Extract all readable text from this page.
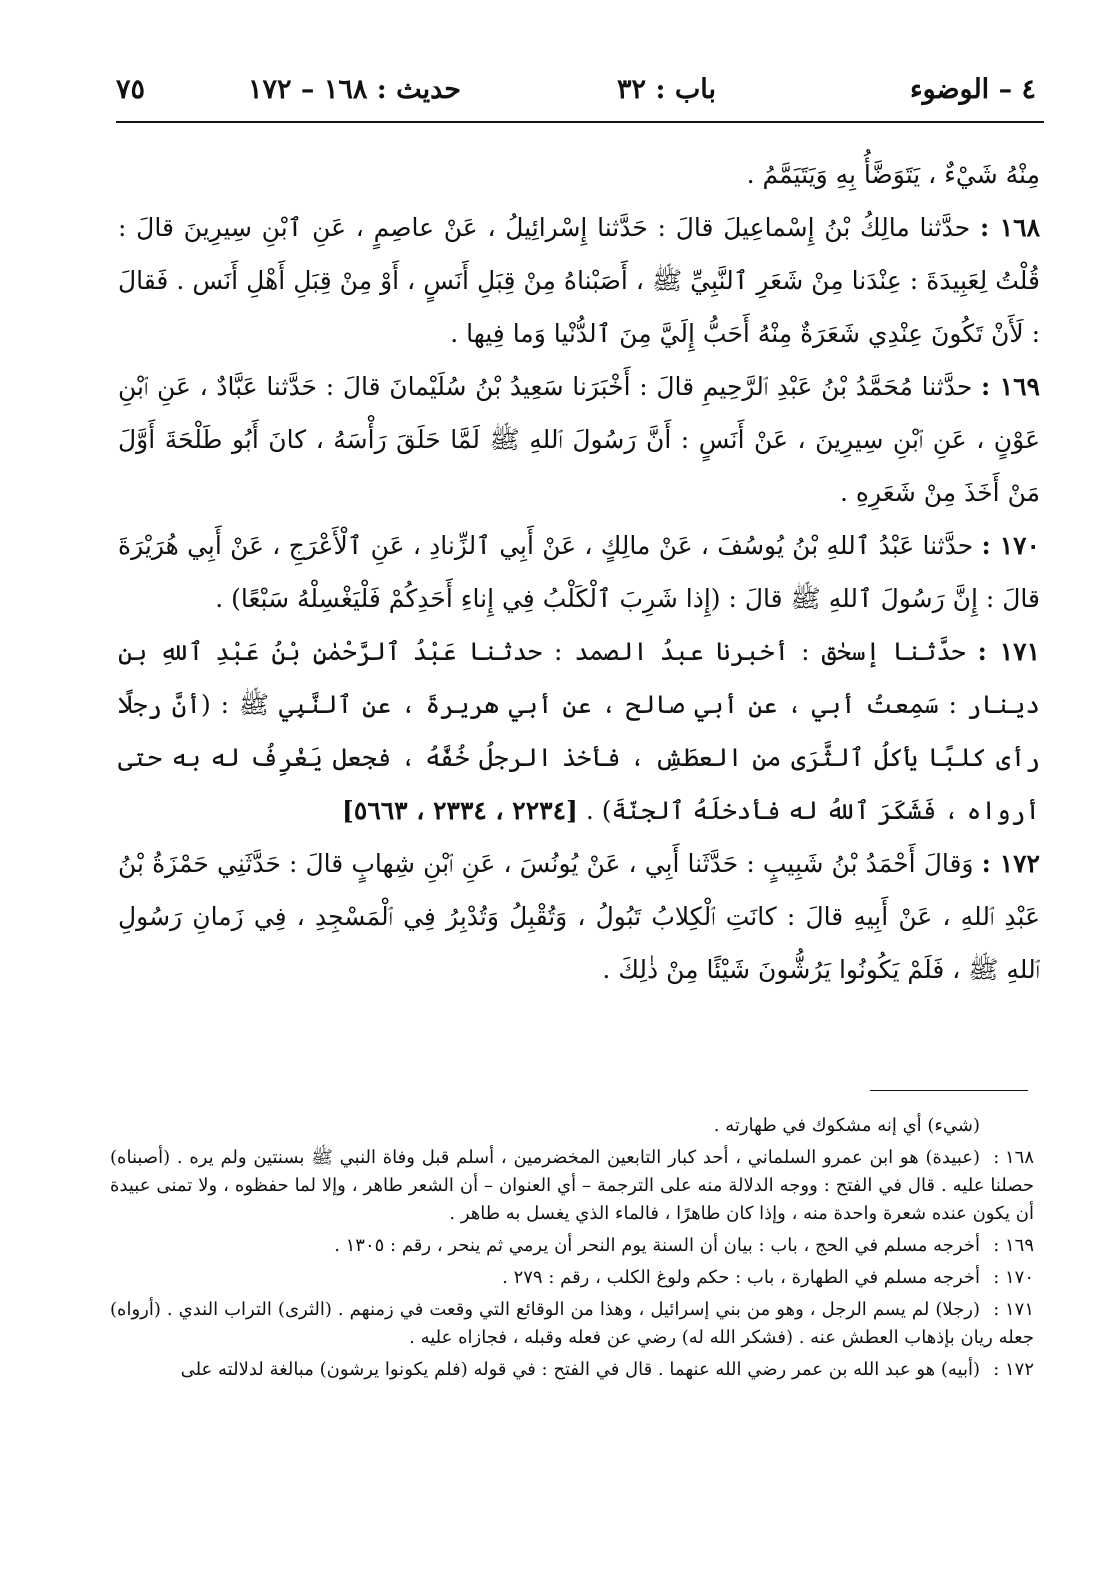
٤ – الوضوء
باب : ٣٢
حديث : ١٦٨ – ١٧٢
٧٥

مِنْهُ شَيْءٌ ، يَتَوَضَّأُ بِهِ وَيَتَيَمَّمُ .

١٦٨ : حدَّثنا مالِكُ بْنُ إِسْماعِيلَ قالَ : حَدَّثنا إِسْرائِيلُ ، عَنْ عاصِمٍ ، عَنِ ٱبْنِ سِيرِينَ قالَ : قُلْتُ لِعَبِيدَةَ : عِنْدَنا مِنْ شَعَرِ ٱلنَّبِيِّ ﷺ ، أَصَبْناهُ مِنْ قِبَلِ أَنَسٍ ، أَوْ مِنْ قِبَلِ أَهْلِ أَنَس . فَقالَ : لَأَنْ تَكُونَ عِنْدِي شَعَرَةٌ مِنْهُ أَحَبُّ إِلَيَّ مِنَ ٱلدُّنْيا وَما فِيها .

١٦٩ : حدَّثنا مُحَمَّدُ بْنُ عَبْدِ ٱلرَّحِيمِ قالَ : أَخْبَرَنا سَعِيدُ بْنُ سُلَيْمانَ قالَ : حَدَّثنا عَبَّادٌ ، عَنِ ٱبْنِ عَوْنٍ ، عَنِ ٱبْنِ سِيرِينَ ، عَنْ أَنَسٍ : أَنَّ رَسُولَ ٱللهِ ﷺ لَمَّا حَلَقَ رَأْسَهُ ، كانَ أَبُو طَلْحَةَ أَوَّلَ مَنْ أَخَذَ مِنْ شَعَرِهِ .

١٧٠ : حدَّثنا عَبْدُ ٱللهِ بْنُ يُوسُفَ ، عَنْ مالِكٍ ، عَنْ أَبِي ٱلزِّنادِ ، عَنِ ٱلْأَعْرَجِ ، عَنْ أَبِي هُرَيْرَةَ قالَ : إِنَّ رَسُولَ ٱللهِ ﷺ قالَ : (إِذا شَرِبَ ٱلْكَلْبُ فِي إِناءِ أَحَدِكُمْ فَلْيَغْسِلْهُ سَبْعًا) .

١٧١ : حدَّثنا إسحٰق : أخبرنا عبدُ الصمد : حدثنا عَبْدُ ٱلرَّحْمٰنِ بْنُ عَبْدِ ٱللهِ بن دينار : سَمِعتُ أبي ، عن أبي صالح ، عن أبي هريرةَ ، عن ٱلنَّبِي ﷺ : (أنَّ رجلًا رأى كلبًا يأكلُ ٱلثَّرَى من العطَشِ ، فأخذ الرجلُ خُفَّهُ ، فجعل يَغْرِفُ له به حتى أرواه ، فَشَكَرَ ٱللهُ له فأدخلَهُ ٱلجنّةَ) . [٢٢٣٤ ، ٢٣٣٤ ، ٥٦٦٣]

١٧٢ : وَقالَ أَحْمَدُ بْنُ شَبِيبٍ : حَدَّثَنا أَبِي ، عَنْ يُونُسَ ، عَنِ ٱبْنِ شِهابٍ قالَ : حَدَّثَنِي حَمْزَةُ بْنُ عَبْدِ ٱللهِ ، عَنْ أَبِيهِ قالَ : كانَتِ ٱلْكِلابُ تَبُولُ ، وَتُقْبِلُ وَتُدْبِرُ فِي ٱلْمَسْجِدِ ، فِي زَمانِ رَسُولِ ٱللهِ ﷺ ، فَلَمْ يَكُونُوا يَرُشُّونَ شَيْئًا مِنْ ذٰلِكَ .

(شيء) أي إنه مشكوك في طهارته .

١٦٨ :(عبيدة) هو ابن عمرو السلماني ، أحد كبار التابعين المخضرمين ، أسلم قبل وفاة النبي ﷺ بسنتين ولم يره . (أصبناه) حصلنا عليه . قال في الفتح : ووجه الدلالة منه على الترجمة – أي العنوان – أن الشعر طاهر ، وإلا لما حفظوه ، ولا تمنى عبيدة أن يكون عنده شعرة واحدة منه ، وإذا كان طاهرًا ، فالماء الذي يغسل به طاهر .

١٦٩ :أخرجه مسلم في الحج ، باب : بيان أن السنة يوم النحر أن يرمي ثم ينحر ، رقم : ١٣٠٥ .

١٧٠ :أخرجه مسلم في الطهارة ، باب : حكم ولوغ الكلب ، رقم : ٢٧٩ .

١٧١ :(رجلا) لم يسم الرجل ، وهو من بني إسرائيل ، وهذا من الوقائع التي وقعت في زمنهم . (الثرى) التراب الندي . (أرواه) جعله ريان بإذهاب العطش عنه . (فشكر الله له) رضي عن فعله وقبله ، فجازاه عليه .

١٧٢ :(أبيه) هو عبد الله بن عمر رضي الله عنهما . قال في الفتح : في قوله (فلم يكونوا يرشون) مبالغة لدلالته على
